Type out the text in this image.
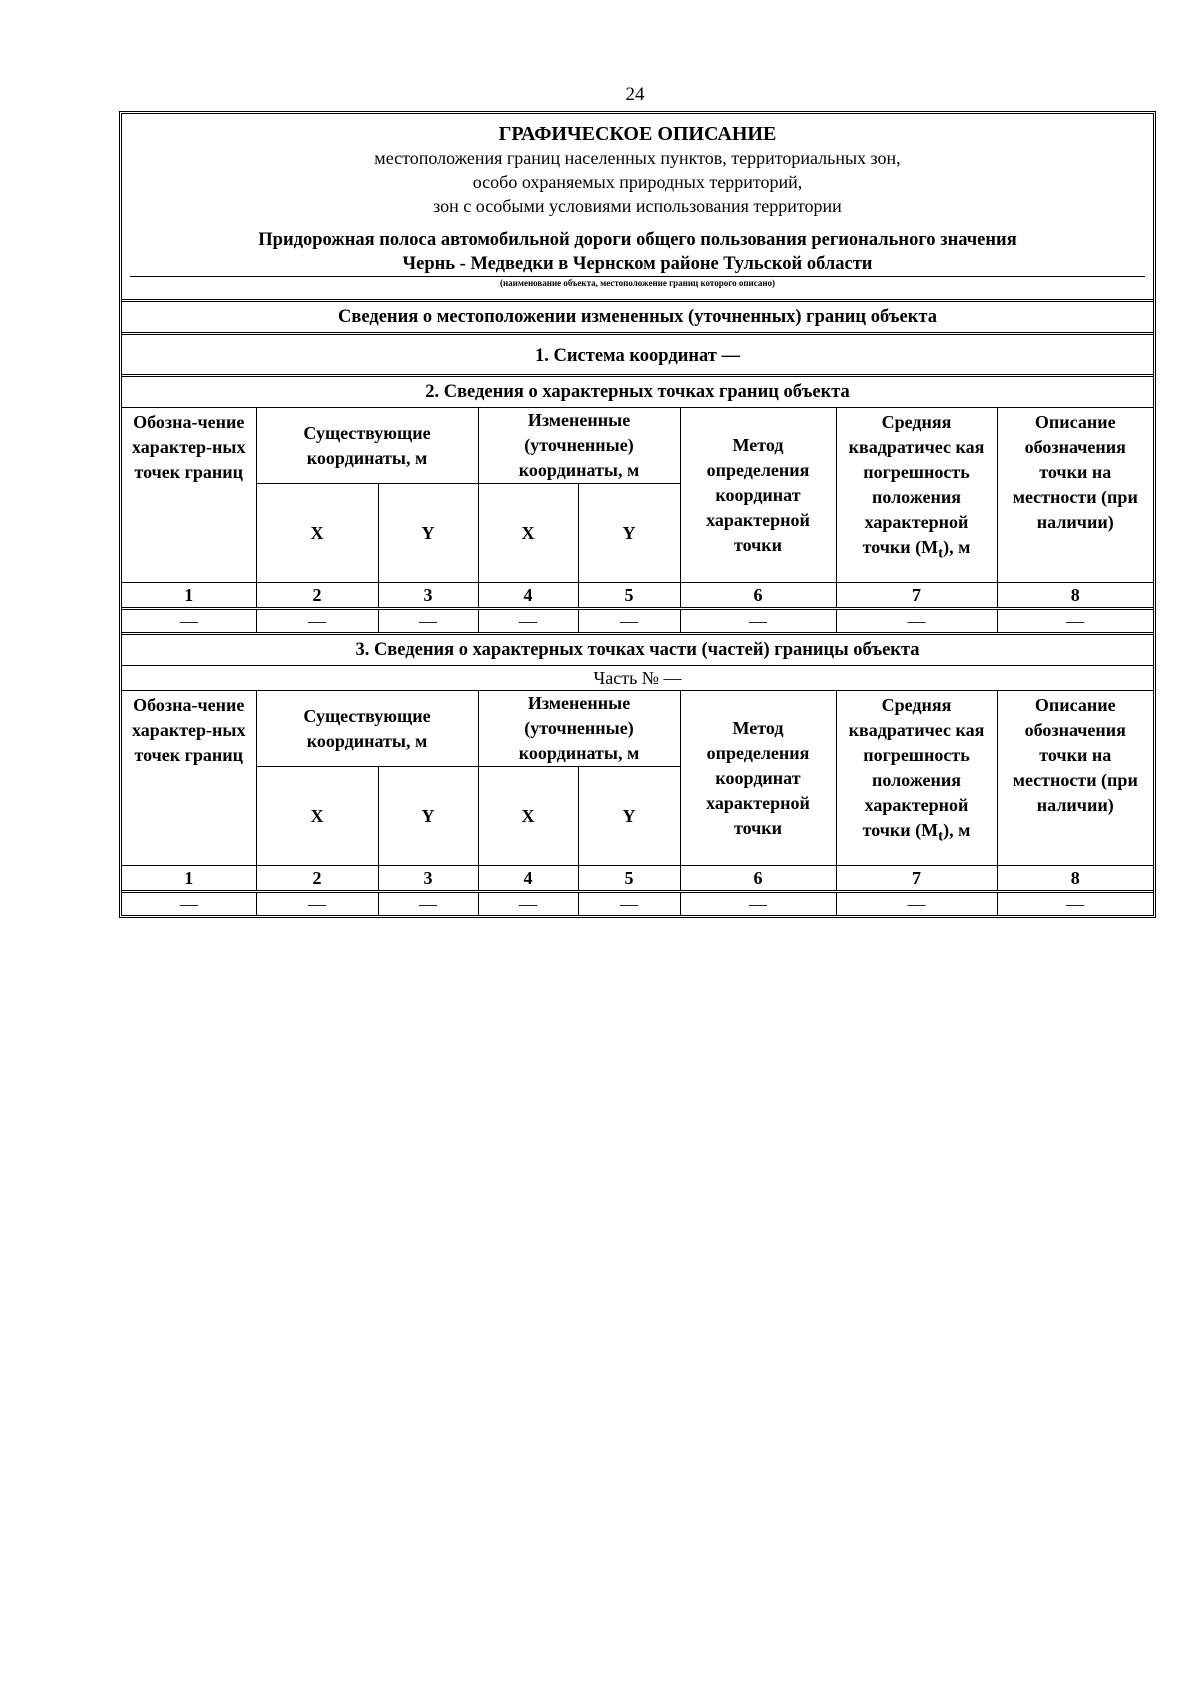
24
ГРАФИЧЕСКОЕ ОПИСАНИЕ
местоположения границ населенных пунктов, территориальных зон,
особо охраняемых природных территорий,
зон с особыми условиями использования территории
Придорожная полоса автомобильной дороги общего пользования регионального значения
Чернь - Медведки в Чернском районе Тульской области
(наименование объекта, местоположение границ которого описано)
Сведения о местоположении измененных (уточненных) границ объекта
1. Система координат —
2. Сведения о характерных точках границ объекта
Обозна-чение характер-ных точек границ	Существующие координаты, м		Измененные (уточненные) координаты, м		Метод определения координат характерной точки	Средняя квадратичес кая погрешность положения характерной точки $(M_t)$, м	Описание обозначения точки на местности (при наличии)
	X	Y	X	Y			
1	2	3	4	5	6	7	8
—	—	—	—	—	—	—	—
3. Сведения о характерных точках части (частей) границы объекта
Часть № —
Обозна-чение характер-ных точек границ	Существующие координаты, м		Измененные (уточненные) координаты, м		Метод определения координат характерной точки	Средняя квадратичес кая погрешность положения характерной точки $(M_t)$, м	Описание обозначения точки на местности (при наличии)
	X	Y	X	Y			
1	2	3	4	5	6	7	8
—	—	—	—	—	—	—	—
